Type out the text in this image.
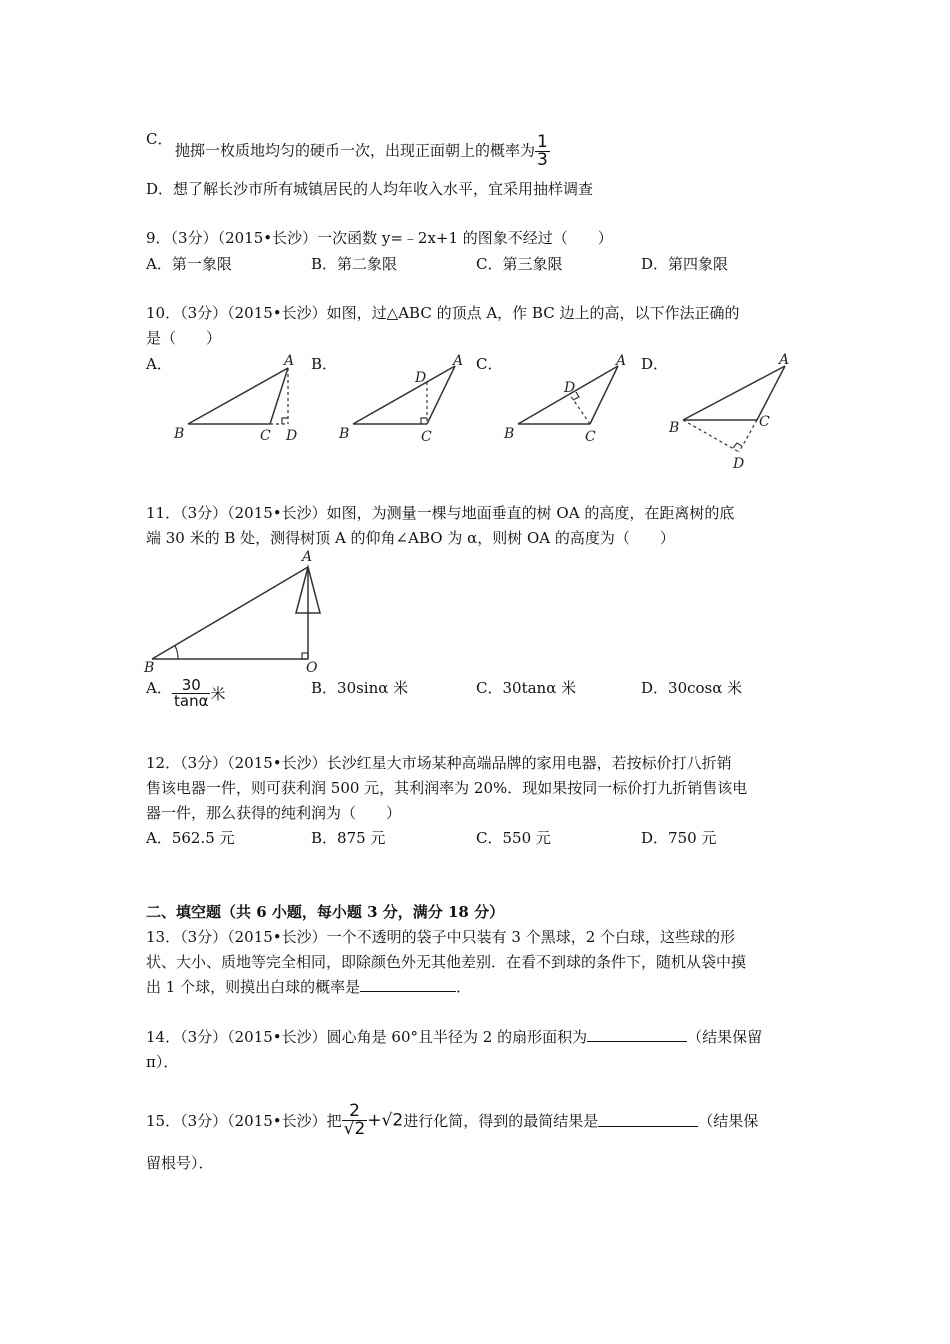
C．
抛掷一枚质地均匀的硬币一次，出现正面朝上的概率为 $\frac{1}{3}$
D．想了解长沙市所有城镇居民的人均年收入水平，宜采用抽样调查
9．（3分）（2015•长沙）一次函数 y=﹣2x+1 的图象不经过（　　）
A．第一象限	B．第二象限	C．第三象限	D．第四象限
10．（3分）（2015•长沙）如图，过△ABC 的顶点 A，作 BC 边上的高，以下作法正确的
是（　　）
A．	B．	C．	D．
A
B	C D
A
D
B	C
A
D
B	C
A
B	C
D
11．（3分）（2015•长沙）如图，为测量一棵与地面垂直的树 OA 的高度，在距离树的底
端 30 米的 B 处，测得树顶 A 的仰角∠ABO 为 α，则树 OA 的高度为（　　）
A
B	O
A． $\frac{30}{\tan\alpha}$ 米	B．30sinα 米	C．30tanα 米	D．30cosα 米
12．（3分）（2015•长沙）长沙红星大市场某种高端品牌的家用电器，若按标价打八折销
售该电器一件，则可获利润 500 元，其利润率为 20%．现如果按同一标价打九折销售该电
器一件，那么获得的纯利润为（　　）
A．562.5 元	B．875 元	C．550 元	D．750 元
二、填空题（共 6 小题，每小题 3 分，满分 18 分）
13．（3分）（2015•长沙）一个不透明的袋子中只装有 3 个黑球，2 个白球，这些球的形
状、大小、质地等完全相同，即除颜色外无其他差别．在看不到球的条件下，随机从袋中摸
出 1 个球，则摸出白球的概率是	．
14．（3分）（2015•长沙）圆心角是 60°且半径为 2 的扇形面积为	（结果保留
π）．
15．（3分）（2015•长沙）把 $\frac{2}{√2} +√2$进行化简，得到的最简结果是	（结果保
留根号）．
